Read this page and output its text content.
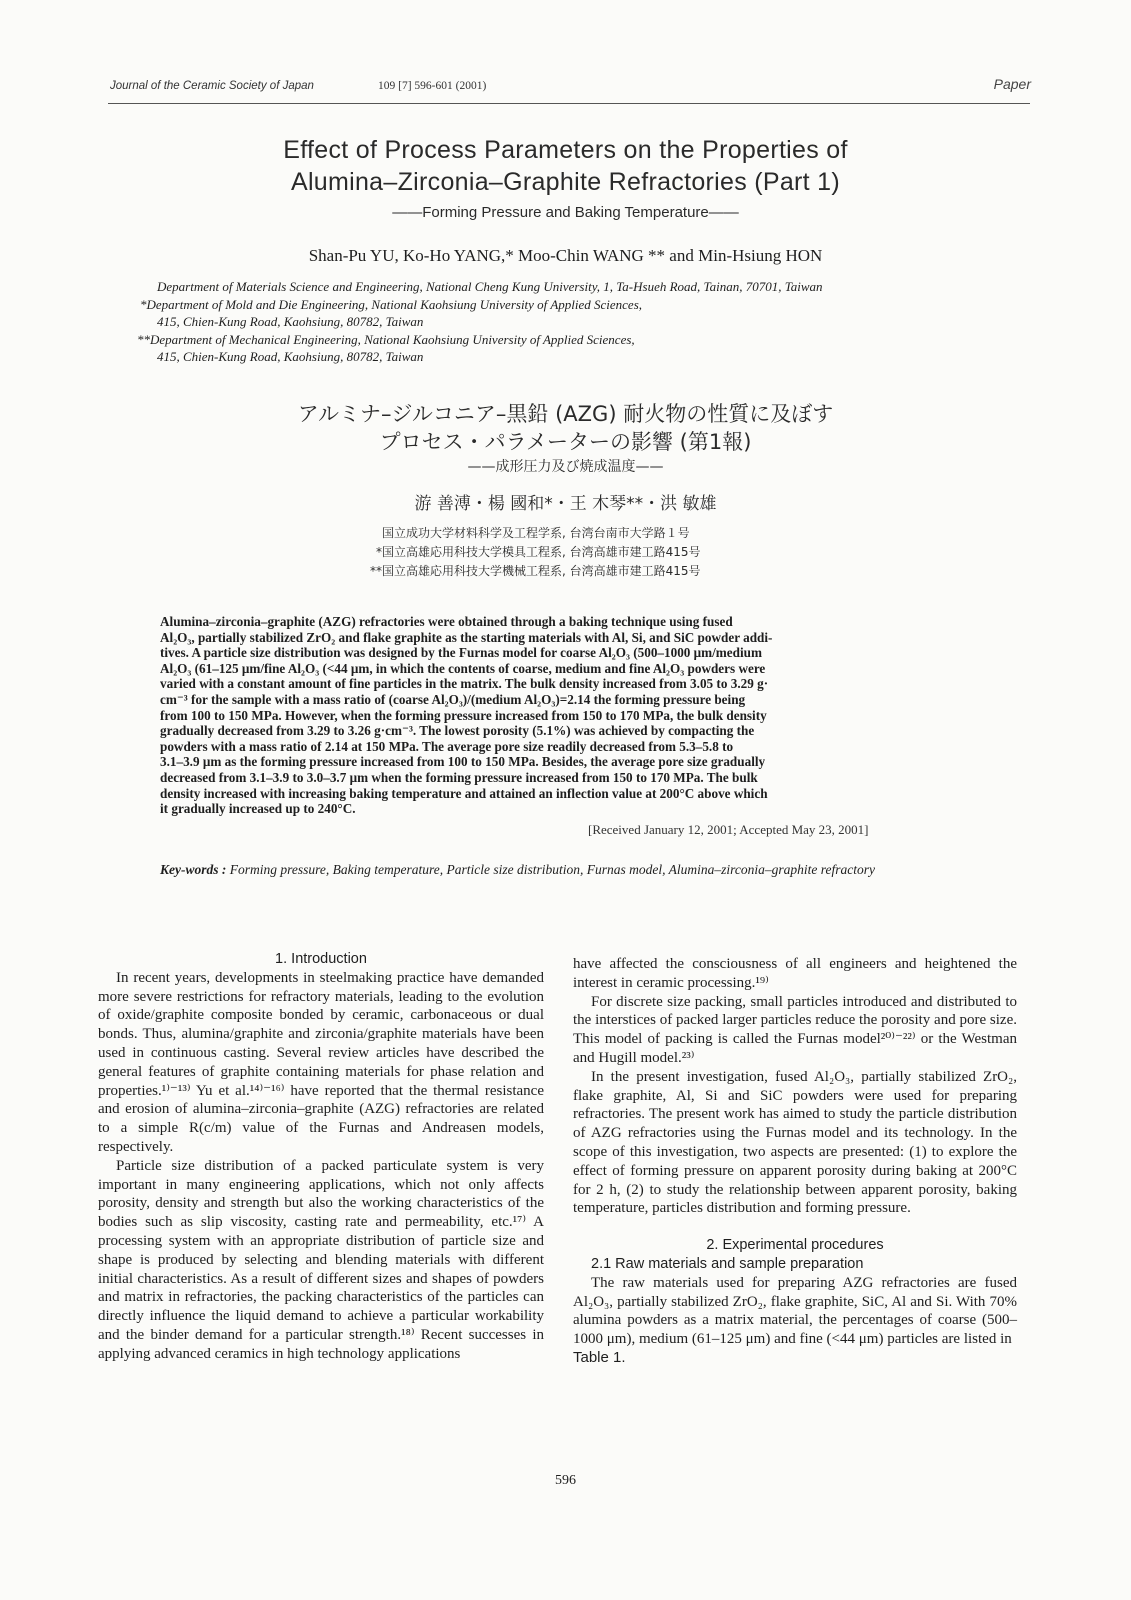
Journal of the Ceramic Society of Japan	109 [7] 596-601 (2001)	Paper
Effect of Process Parameters on the Properties of
Alumina–Zirconia–Graphite Refractories (Part 1)
——Forming Pressure and Baking Temperature——
Shan-Pu YU, Ko-Ho YANG,* Moo-Chin WANG ** and Min-Hsiung HON
Department of Materials Science and Engineering, National Cheng Kung University, 1, Ta-Hsueh Road, Tainan, 70701, Taiwan
*Department of Mold and Die Engineering, National Kaohsiung University of Applied Sciences,
415, Chien-Kung Road, Kaohsiung, 80782, Taiwan
**Department of Mechanical Engineering, National Kaohsiung University of Applied Sciences,
415, Chien-Kung Road, Kaohsiung, 80782, Taiwan
アルミナ–ジルコニア–黒鉛 (AZG) 耐火物の性質に及ぼす
プロセス・パラメーターの影響 (第1報)
——成形圧力及び焼成温度——
游 善溥・楊 國和*・王 木琴**・洪 敏雄
国立成功大学材料科学及工程学系, 台湾台南市大学路１号
*国立高雄応用科技大学模具工程系, 台湾高雄市建工路415号
**国立高雄応用科技大学機械工程系, 台湾高雄市建工路415号
Alumina–zirconia–graphite (AZG) refractories were obtained through a baking technique using fused
Al₂O₃, partially stabilized ZrO₂ and flake graphite as the starting materials with Al, Si, and SiC powder addi-
tives. A particle size distribution was designed by the Furnas model for coarse Al₂O₃ (500–1000 μm/medium
Al₂O₃ (61–125 μm/fine Al₂O₃ (<44 μm, in which the contents of coarse, medium and fine Al₂O₃ powders were
varied with a constant amount of fine particles in the matrix. The bulk density increased from 3.05 to 3.29 g·
cm⁻³ for the sample with a mass ratio of (coarse Al₂O₃)/(medium Al₂O₃)=2.14 the forming pressure being
from 100 to 150 MPa. However, when the forming pressure increased from 150 to 170 MPa, the bulk density
gradually decreased from 3.29 to 3.26 g·cm⁻³. The lowest porosity (5.1%) was achieved by compacting the
powders with a mass ratio of 2.14 at 150 MPa. The average pore size readily decreased from 5.3–5.8 to
3.1–3.9 μm as the forming pressure increased from 100 to 150 MPa. Besides, the average pore size gradually
decreased from 3.1–3.9 to 3.0–3.7 μm when the forming pressure increased from 150 to 170 MPa. The bulk
density increased with increasing baking temperature and attained an inflection value at 200°C above which
it gradually increased up to 240°C.
[Received January 12, 2001; Accepted May 23, 2001]
Key-words : Forming pressure, Baking temperature, Particle size distribution, Furnas model, Alumina–zirconia–graphite refractory

1. Introduction

In recent years, developments in steelmaking practice have demanded more severe restrictions for refractory materials, leading to the evolution of oxide/graphite composite bonded by ceramic, carbonaceous or dual bonds. Thus, alumina/graphite and zirconia/graphite materials have been used in continuous casting. Several review articles have described the general features of graphite containing materials for phase relation and properties.¹⁾⁻¹³⁾ Yu et al.¹⁴⁾⁻¹⁶⁾ have reported that the thermal resistance and erosion of alumina–zirconia–graphite (AZG) refractories are related to a simple R(c/m) value of the Furnas and Andreasen models, respectively.

Particle size distribution of a packed particulate system is very important in many engineering applications, which not only affects porosity, density and strength but also the working characteristics of the bodies such as slip viscosity, casting rate and permeability, etc.¹⁷⁾ A processing system with an appropriate distribution of particle size and shape is produced by selecting and blending materials with different initial characteristics. As a result of different sizes and shapes of powders and matrix in refractories, the packing characteristics of the particles can directly influence the liquid demand to achieve a particular workability and the binder demand for a particular strength.¹⁸⁾ Recent successes in applying advanced ceramics in high technology applications

have affected the consciousness of all engineers and heightened the interest in ceramic processing.¹⁹⁾

For discrete size packing, small particles introduced and distributed to the interstices of packed larger particles reduce the porosity and pore size. This model of packing is called the Furnas model²⁰⁾⁻²²⁾ or the Westman and Hugill model.²³⁾

In the present investigation, fused Al₂O₃, partially stabilized ZrO₂, flake graphite, Al, Si and SiC powders were used for preparing refractories. The present work has aimed to study the particle distribution of AZG refractories using the Furnas model and its technology. In the scope of this investigation, two aspects are presented: (1) to explore the effect of forming pressure on apparent porosity during baking at 200°C for 2 h, (2) to study the relationship between apparent porosity, baking temperature, particles distribution and forming pressure.

2. Experimental procedures

2.1 Raw materials and sample preparation

The raw materials used for preparing AZG refractories are fused Al₂O₃, partially stabilized ZrO₂, flake graphite, SiC, Al and Si. With 70% alumina powders as a matrix material, the percentages of coarse (500–1000 μm), medium (61–125 μm) and fine (<44 μm) particles are listed in

Table 1.

596
